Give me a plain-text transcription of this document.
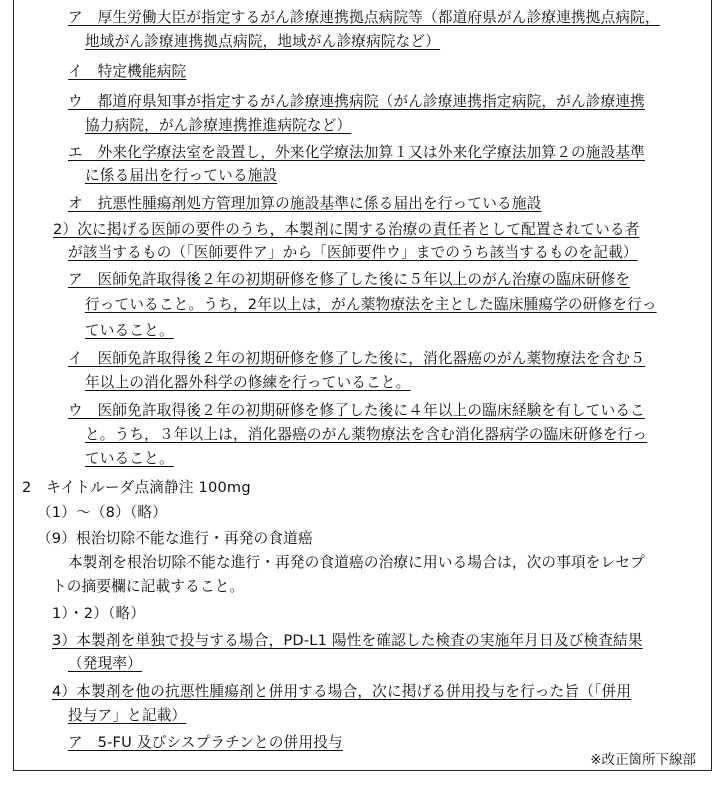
ア　厚生労働大臣が指定するがん診療連携拠点病院等（都道府県がん診療連携拠点病院，
地域がん診療連携拠点病院，地域がん診療病院など）
イ　特定機能病院
ウ　都道府県知事が指定するがん診療連携病院（がん診療連携指定病院，がん診療連携
協力病院，がん診療連携推進病院など）
エ　外来化学療法室を設置し，外来化学療法加算１又は外来化学療法加算２の施設基準
に係る届出を行っている施設
オ　抗悪性腫瘍剤処方管理加算の施設基準に係る届出を行っている施設
2）次に掲げる医師の要件のうち，本製剤に関する治療の責任者として配置されている者
が該当するもの（「医師要件ア」から「医師要件ウ」までのうち該当するものを記載）
ア　医師免許取得後２年の初期研修を修了した後に５年以上のがん治療の臨床研修を
行っていること。うち，2年以上は，がん薬物療法を主とした臨床腫瘍学の研修を行っ
ていること。
イ　医師免許取得後２年の初期研修を修了した後に，消化器癌のがん薬物療法を含む５
年以上の消化器外科学の修練を行っていること。
ウ　医師免許取得後２年の初期研修を修了した後に４年以上の臨床経験を有しているこ
と。うち，３年以上は，消化器癌のがん薬物療法を含む消化器病学の臨床研修を行っ
ていること。
2　キイトルーダ点滴静注 100mg
（1）～（8）（略）
（9）根治切除不能な進行・再発の食道癌
本製剤を根治切除不能な進行・再発の食道癌の治療に用いる場合は，次の事項をレセプ
トの摘要欄に記載すること。
1）・2）（略）
3）本製剤を単独で投与する場合，PD-L1 陽性を確認した検査の実施年月日及び検査結果
（発現率）
4）本製剤を他の抗悪性腫瘍剤と併用する場合，次に掲げる併用投与を行った旨（「併用
投与ア」と記載）
ア　5-FU 及びシスプラチンとの併用投与
※改正箇所下線部
